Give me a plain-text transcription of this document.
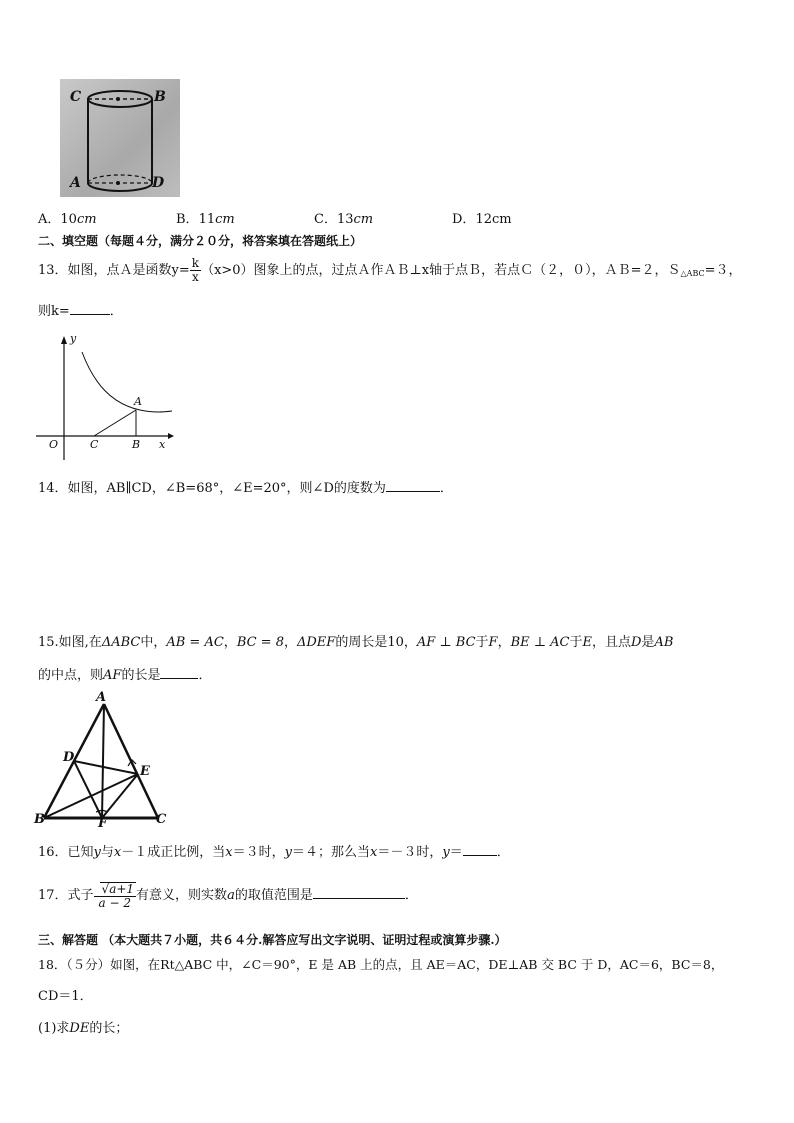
C	B
A	D
A．10cm	B．11cm	C．13cm	D．12cm
二、填空题（每题４分，满分２０分，将答案填在答题纸上）
13．如图，点Ａ是函数$y= \frac{k}{x} (x>0)$图象上的点，过点Ａ作ＡＢ⊥x轴于点Ｂ，若点Ｃ（２，０），ＡＢ=２，Ｓ$_{\triangle ABC}$=３，
则k=	．
y
x
O
A
B
C
14．如图，AB∥CD，∠B=68°，∠E=20°，则∠D的度数为	．
15.如图,在ΔABC中，AB = AC，BC = 8，ΔDEF的周长是10，AF ⊥ BC于F，BE ⊥ AC于E，且点D是AB
的中点，则AF的长是	．
A
B	C
D
E
F
16．已知y与x－１成正比例，当x＝３时，y＝４；那么当x＝－３时，y＝	．
17．式子 $\frac{√a+1}{a - 2}$ 有意义，则实数a的取值范围是	．
三、解答题 （本大题共７小题，共６４分.解答应写出文字说明、证明过程或演算步骤.）
18．（５分）如图，在Rt△ABC 中，∠C＝90°，E 是 AB 上的点，且 AE＝AC，DE⊥AB 交 BC 于 D，AC＝6，BC＝8，
CD＝1．
(1)求DE的长；
